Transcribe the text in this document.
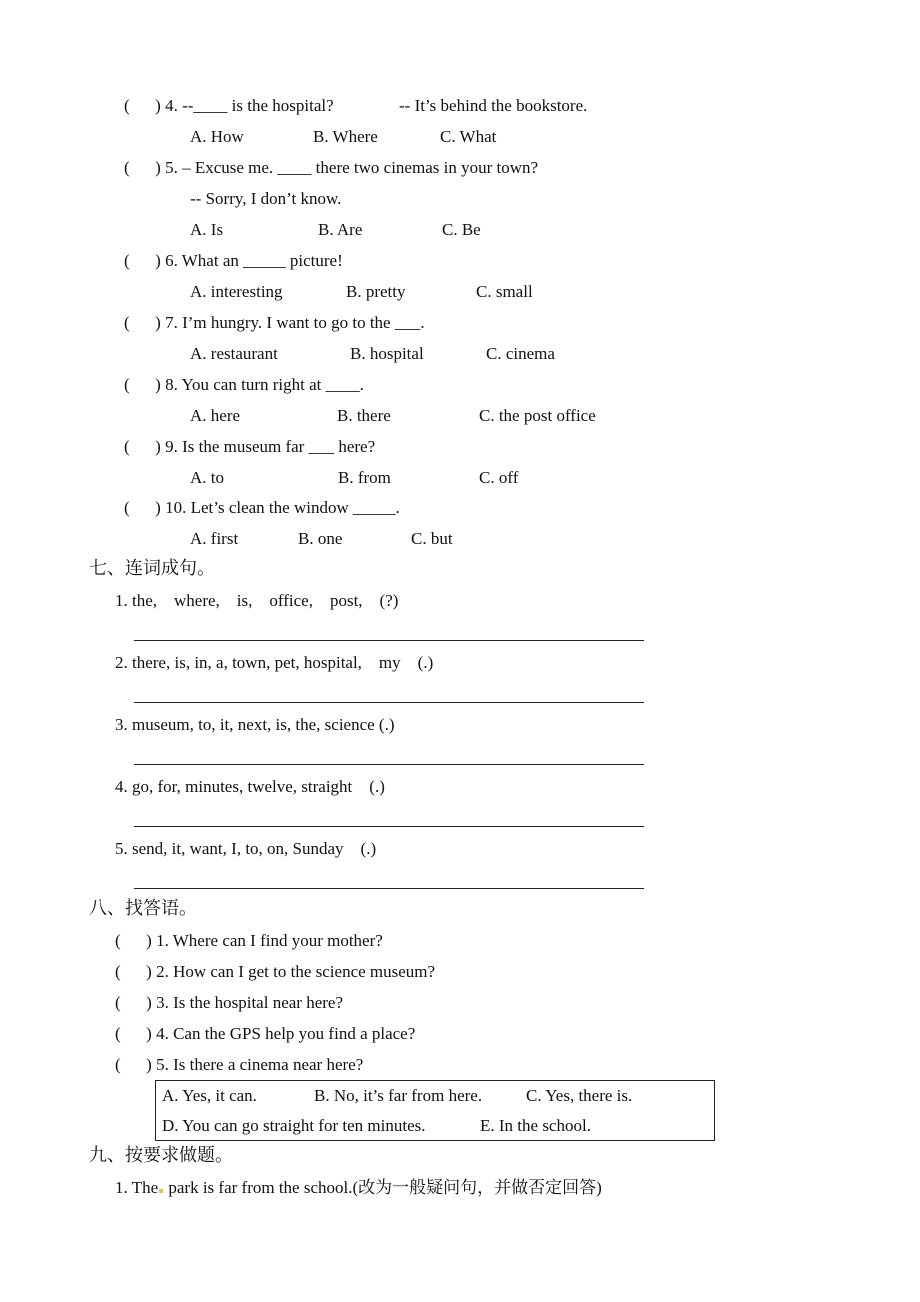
(      ) 4. --____ is the hospital?	-- It’s behind the bookstore.
A. How	B. Where	C. What
(      ) 5. – Excuse me. ____ there two cinemas in your town?
-- Sorry, I don’t know.
A. Is	B. Are	C. Be
(      ) 6. What an _____ picture!
A. interesting	B. pretty	C. small
(      ) 7. I’m hungry. I want to go to the ___.
A. restaurant	B. hospital	C. cinema
(      ) 8. You can turn right at ____.
A. here	B. there	C. the post office
(      ) 9. Is the museum far ___ here?
A. to	B. from	C. off
(      ) 10. Let’s clean the window _____.
A. first	B. one	C. but
七、连词成句。
1. the,    where,    is,    office,    post,    (?)
2. there, is, in, a, town, pet, hospital,    my    (.)
3. museum, to, it, next, is, the, science (.)
4. go, for, minutes, twelve, straight    (.)
5. send, it, want, I, to, on, Sunday    (.)
八、找答语。
(      ) 1. Where can I find your mother?
(      ) 2. How can I get to the science museum?
(      ) 3. Is the hospital near here?
(      ) 4. Can the GPS help you find a place?
(      ) 5. Is there a cinema near here?
A. Yes, it can.	B. No, it’s far from here.	C. Yes, there is.
D. You can go straight for ten minutes.	E. In the school.
九、按要求做题。
1. The park is far from the school.(改为一般疑问句，并做否定回答)
